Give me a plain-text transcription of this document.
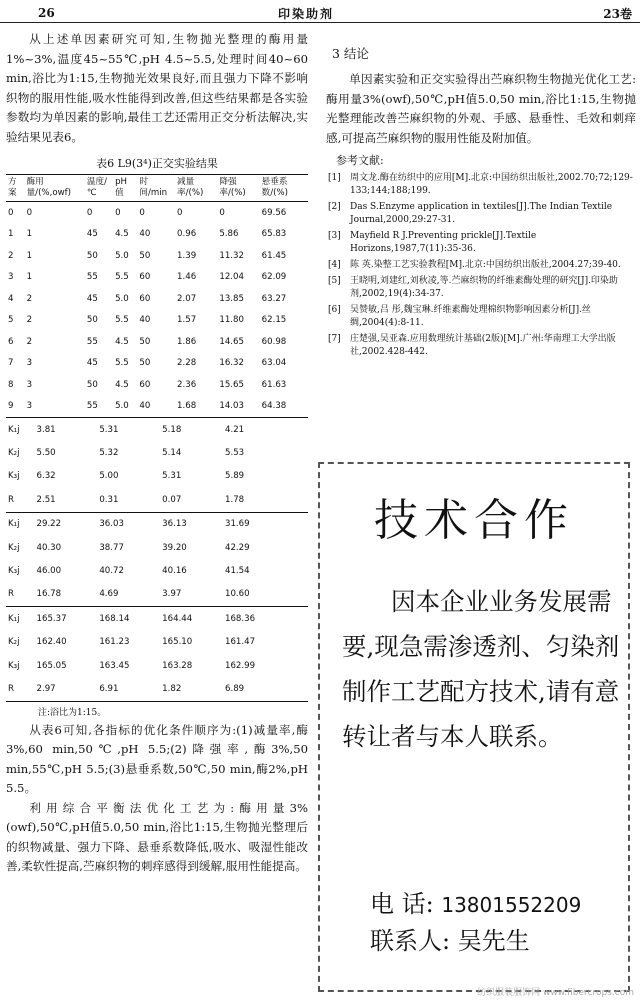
26	印染助剂	23卷

从上述单因素研究可知,生物抛光整理的酶用量1%~3%,温度45~55℃,pH 4.5~5.5,处理时间40~60 min,浴比为1:15,生物抛光效果良好,而且强力下降不影响织物的服用性能,吸水性能得到改善,但这些结果都是各实验参数均为单因素的影响,最佳工艺还需用正交分析法解决,实验结果见表6。

表6 L9(3⁴)正交实验结果
方案	酶用量/(%,owf)	温度/℃	pH 值	时间/min	减量率/(%)	降强率/(%)	悬垂系数/(%)
0	0	0	0	0	0	0	69.56
1	1	45	4.5	40	0.96	5.86	65.83
2	1	50	5.0	50	1.39	11.32	61.45
3	1	55	5.5	60	1.46	12.04	62.09
4	2	45	5.0	60	2.07	13.85	63.27
5	2	50	5.5	40	1.57	11.80	62.15
6	2	55	4.5	50	1.86	14.65	60.98
7	3	45	5.5	50	2.28	16.32	63.04
8	3	50	4.5	60	2.36	15.65	61.63
9	3	55	5.0	40	1.68	14.03	64.38
K₁j	3.81	5.31	5.18	4.21			
K₂j	5.50	5.32	5.14	5.53			
K₃j	6.32	5.00	5.31	5.89			
R	2.51	0.31	0.07	1.78			
K₁j	29.22	36.03	36.13	31.69			
K₂j	40.30	38.77	39.20	42.29			
K₃j	46.00	40.72	40.16	41.54			
R	16.78	4.69	3.97	10.60			
K₁j	165.37	168.14	164.44	168.36			
K₂j	162.40	161.23	165.10	161.47			
K₃j	165.05	163.45	163.28	162.99			
R	2.97	6.91	1.82	6.89			
注:浴比为1:15。

从表6可知,各指标的优化条件顺序为:(1)减量率,酶3%,60 min,50℃,pH 5.5;(2)降强率,酶3%,50 min,55℃,pH 5.5;(3)悬垂系数,50℃,50 min,酶2%,pH 5.5。

利用综合平衡法优化工艺为:酶用量3%(owf),50℃,pH值5.0,50 min,浴比1:15,生物抛光整理后的织物减量、强力下降、悬垂系数降低,吸水、吸湿性能改善,柔软性提高,苎麻织物的刺痒感得到缓解,服用性能提高。

3 结论

单因素实验和正交实验得出苎麻织物生物抛光优化工艺:酶用量3%(owf),50℃,pH值5.0,50 min,浴比1:15,生物抛光整理能改善苎麻织物的外观、手感、悬垂性、毛效和刺痒感,可提高苎麻织物的服用性能及附加值。

参考文献:
[1]	周文龙.酶在纺织中的应用[M].北京:中国纺织出版社,2002.70;72;129-133;144;188;199.
[2]	Das S.Enzyme application in textiles[J].The Indian Textile Journal,2000,29:27-31.
[3]	Mayfield R J.Preventing prickle[J].Textile Horizons,1987,7(11):35-36.
[4]	陈 英.染整工艺实验教程[M].北京:中国纺织出版社,2004.27;39-40.
[5]	王晓明,刘建红,刘秋凌,等.苎麻织物的纤维素酶处理的研究[J].印染助剂,2002,19(4):34-37.
[6]	吴赞敏,吕 彤,魏宝琳.纤维素酶处理棉织物影响因素分析[J].丝绸,2004(4):8-11.
[7]	庄楚强,吴亚森.应用数理统计基础(2版)[M].广州:华南理工大学出版社,2002.428-442.
技术合作
因本企业业务发展需要,现急需渗透剂、匀染剂制作工艺配方技术,请有意转让者与本人联系。
电 话: 13801552209
联系人: 吴先生
纺织服装服饰网 www.fibercrops.com
